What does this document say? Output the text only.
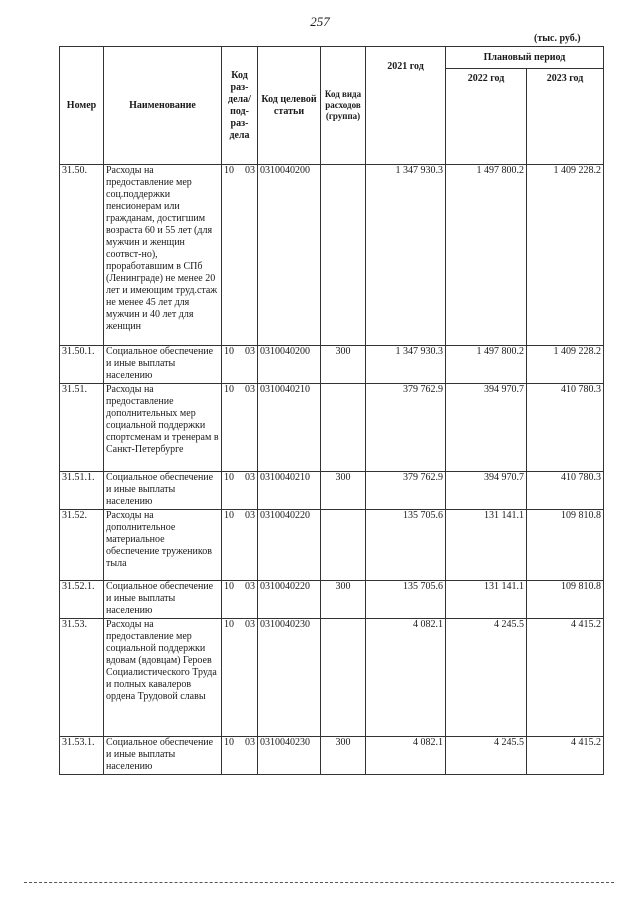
257
(тыс. руб.)
Номер	Наименование	Код раз-дела/ под-раз-дела	Код целевой статьи	Код вида расходов (группа)	2021 год	Плановый период	
						2022 год	2023 год
31.50.	Расходы на предоставление мер соц.поддержки пенсионерам или гражданам, достигшим возраста 60 и 55 лет (для мужчин и женщин соотвст-но), проработавшим в СПб (Ленинграде) не менее 20 лет и имеющим труд.стаж не менее 45 лет для мужчин и 40 лет для женщин	10 03	0310040200		1 347 930.3	1 497 800.2	1 409 228.2
31.50.1.	Социальное обеспечение и иные выплаты населению	10 03	0310040200	300	1 347 930.3	1 497 800.2	1 409 228.2
31.51.	Расходы на предоставление дополнительных мер социальной поддержки спортсменам и тренерам в Санкт-Петербурге	10 03	0310040210		379 762.9	394 970.7	410 780.3
31.51.1.	Социальное обеспечение и иные выплаты населению	10 03	0310040210	300	379 762.9	394 970.7	410 780.3
31.52.	Расходы на дополнительное материальное обеспечение тружеников тыла	10 03	0310040220		135 705.6	131 141.1	109 810.8
31.52.1.	Социальное обеспечение и иные выплаты населению	10 03	0310040220	300	135 705.6	131 141.1	109 810.8
31.53.	Расходы на предоставление мер социальной поддержки вдовам (вдовцам) Героев Социалистического Труда и полных кавалеров ордена Трудовой славы	10 03	0310040230		4 082.1	4 245.5	4 415.2
31.53.1.	Социальное обеспечение и иные выплаты населению	10 03	0310040230	300	4 082.1	4 245.5	4 415.2
